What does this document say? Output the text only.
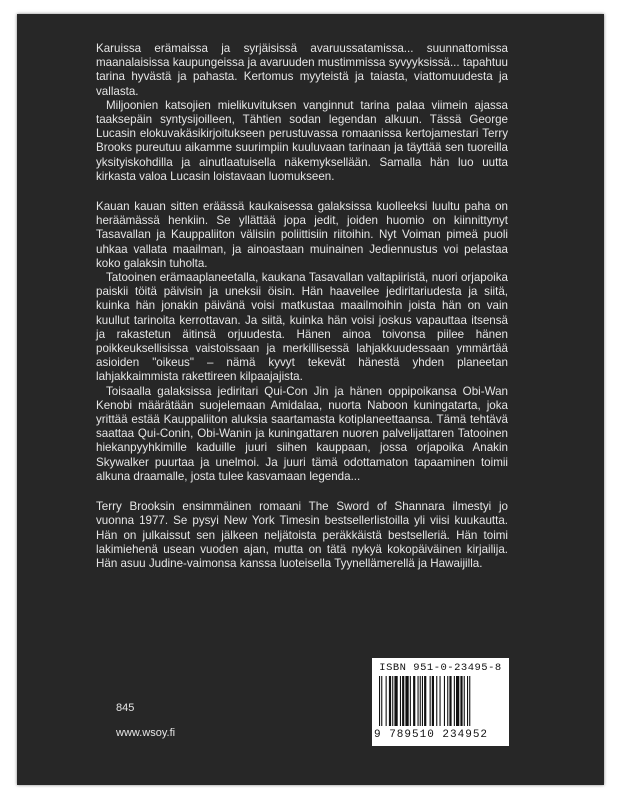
Karuissa erämaissa ja syrjäisissä avaruussatamissa... suunnattomissa maanalaisissa kaupungeissa ja avaruuden mustimmissa syvyyksissä... tapahtuu tarina hyvästä ja pahasta. Kertomus myyteistä ja taiasta, viattomuudesta ja vallasta.

Miljoonien katsojien mielikuvituksen vanginnut tarina palaa viimein ajassa taaksepäin syntysijoilleen, Tähtien sodan legendan alkuun. Tässä George Lucasin elokuvakäsikirjoitukseen perustuvassa romaanissa kertojamestari Terry Brooks pureutuu aikamme suurimpiin kuuluvaan tarinaan ja täyttää sen tuoreilla yksityiskohdilla ja ainutlaatuisella näkemyksellään. Samalla hän luo uutta kirkasta valoa Lucasin loistavaan luomukseen.

Kauan kauan sitten eräässä kaukaisessa galaksissa kuolleeksi luultu paha on heräämässä henkiin. Se yllättää jopa jedit, joiden huomio on kiinnittynyt Tasavallan ja Kauppaliiton välisiin poliittisiin riitoihin. Nyt Voiman pimeä puoli uhkaa vallata maailman, ja ainoastaan muinainen Jediennustus voi pelastaa koko galaksin tuholta.

Tatooinen erämaaplaneetalla, kaukana Tasavallan valtapiiristä, nuori orjapoika paiskii töitä päivisin ja uneksii öisin. Hän haaveilee jediritariudesta ja siitä, kuinka hän jonakin päivänä voisi matkustaa maailmoihin joista hän on vain kuullut tarinoita kerrottavan. Ja siitä, kuinka hän voisi joskus vapauttaa itsensä ja rakastetun äitinsä orjuudesta. Hänen ainoa toivonsa piilee hänen poikkeuksellisissa vaistoissaan ja merkillisessä lahjakkuudessaan ymmärtää asioiden "oikeus" – nämä kyvyt tekevät hänestä yhden planeetan lahjakkaimmista rakettireen kilpaajajista.

Toisaalla galaksissa jediritari Qui-Con Jin ja hänen oppipoikansa Obi-Wan Kenobi määrätään suojelemaan Amidalaa, nuorta Naboon kuningatarta, joka yrittää estää Kauppaliiton aluksia saartamasta kotiplaneettaansa. Tämä tehtävä saattaa Qui-Conin, Obi-Wanin ja kuningattaren nuoren palvelijattaren Tatooinen hiekanpyyhkimille kaduille juuri siihen kauppaan, jossa orjapoika Anakin Skywalker puurtaa ja unelmoi. Ja juuri tämä odottamaton tapaaminen toimii alkuna draamalle, josta tulee kasvamaan legenda...

Terry Brooksin ensimmäinen romaani The Sword of Shannara ilmestyi jo vuonna 1977. Se pysyi New York Timesin bestsellerlistoilla yli viisi kuukautta. Hän on julkaissut sen jälkeen neljätoista peräkkäistä bestselleriä. Hän toimi lakimiehenä usean vuoden ajan, mutta on tätä nykyä kokopäiväinen kirjailija. Hän asuu Judine-vaimonsa kanssa luoteisella Tyynellämerellä ja Hawaijilla.

ISBN 951-0-23495-8
9 789510 234952
845
www.wsoy.fi
